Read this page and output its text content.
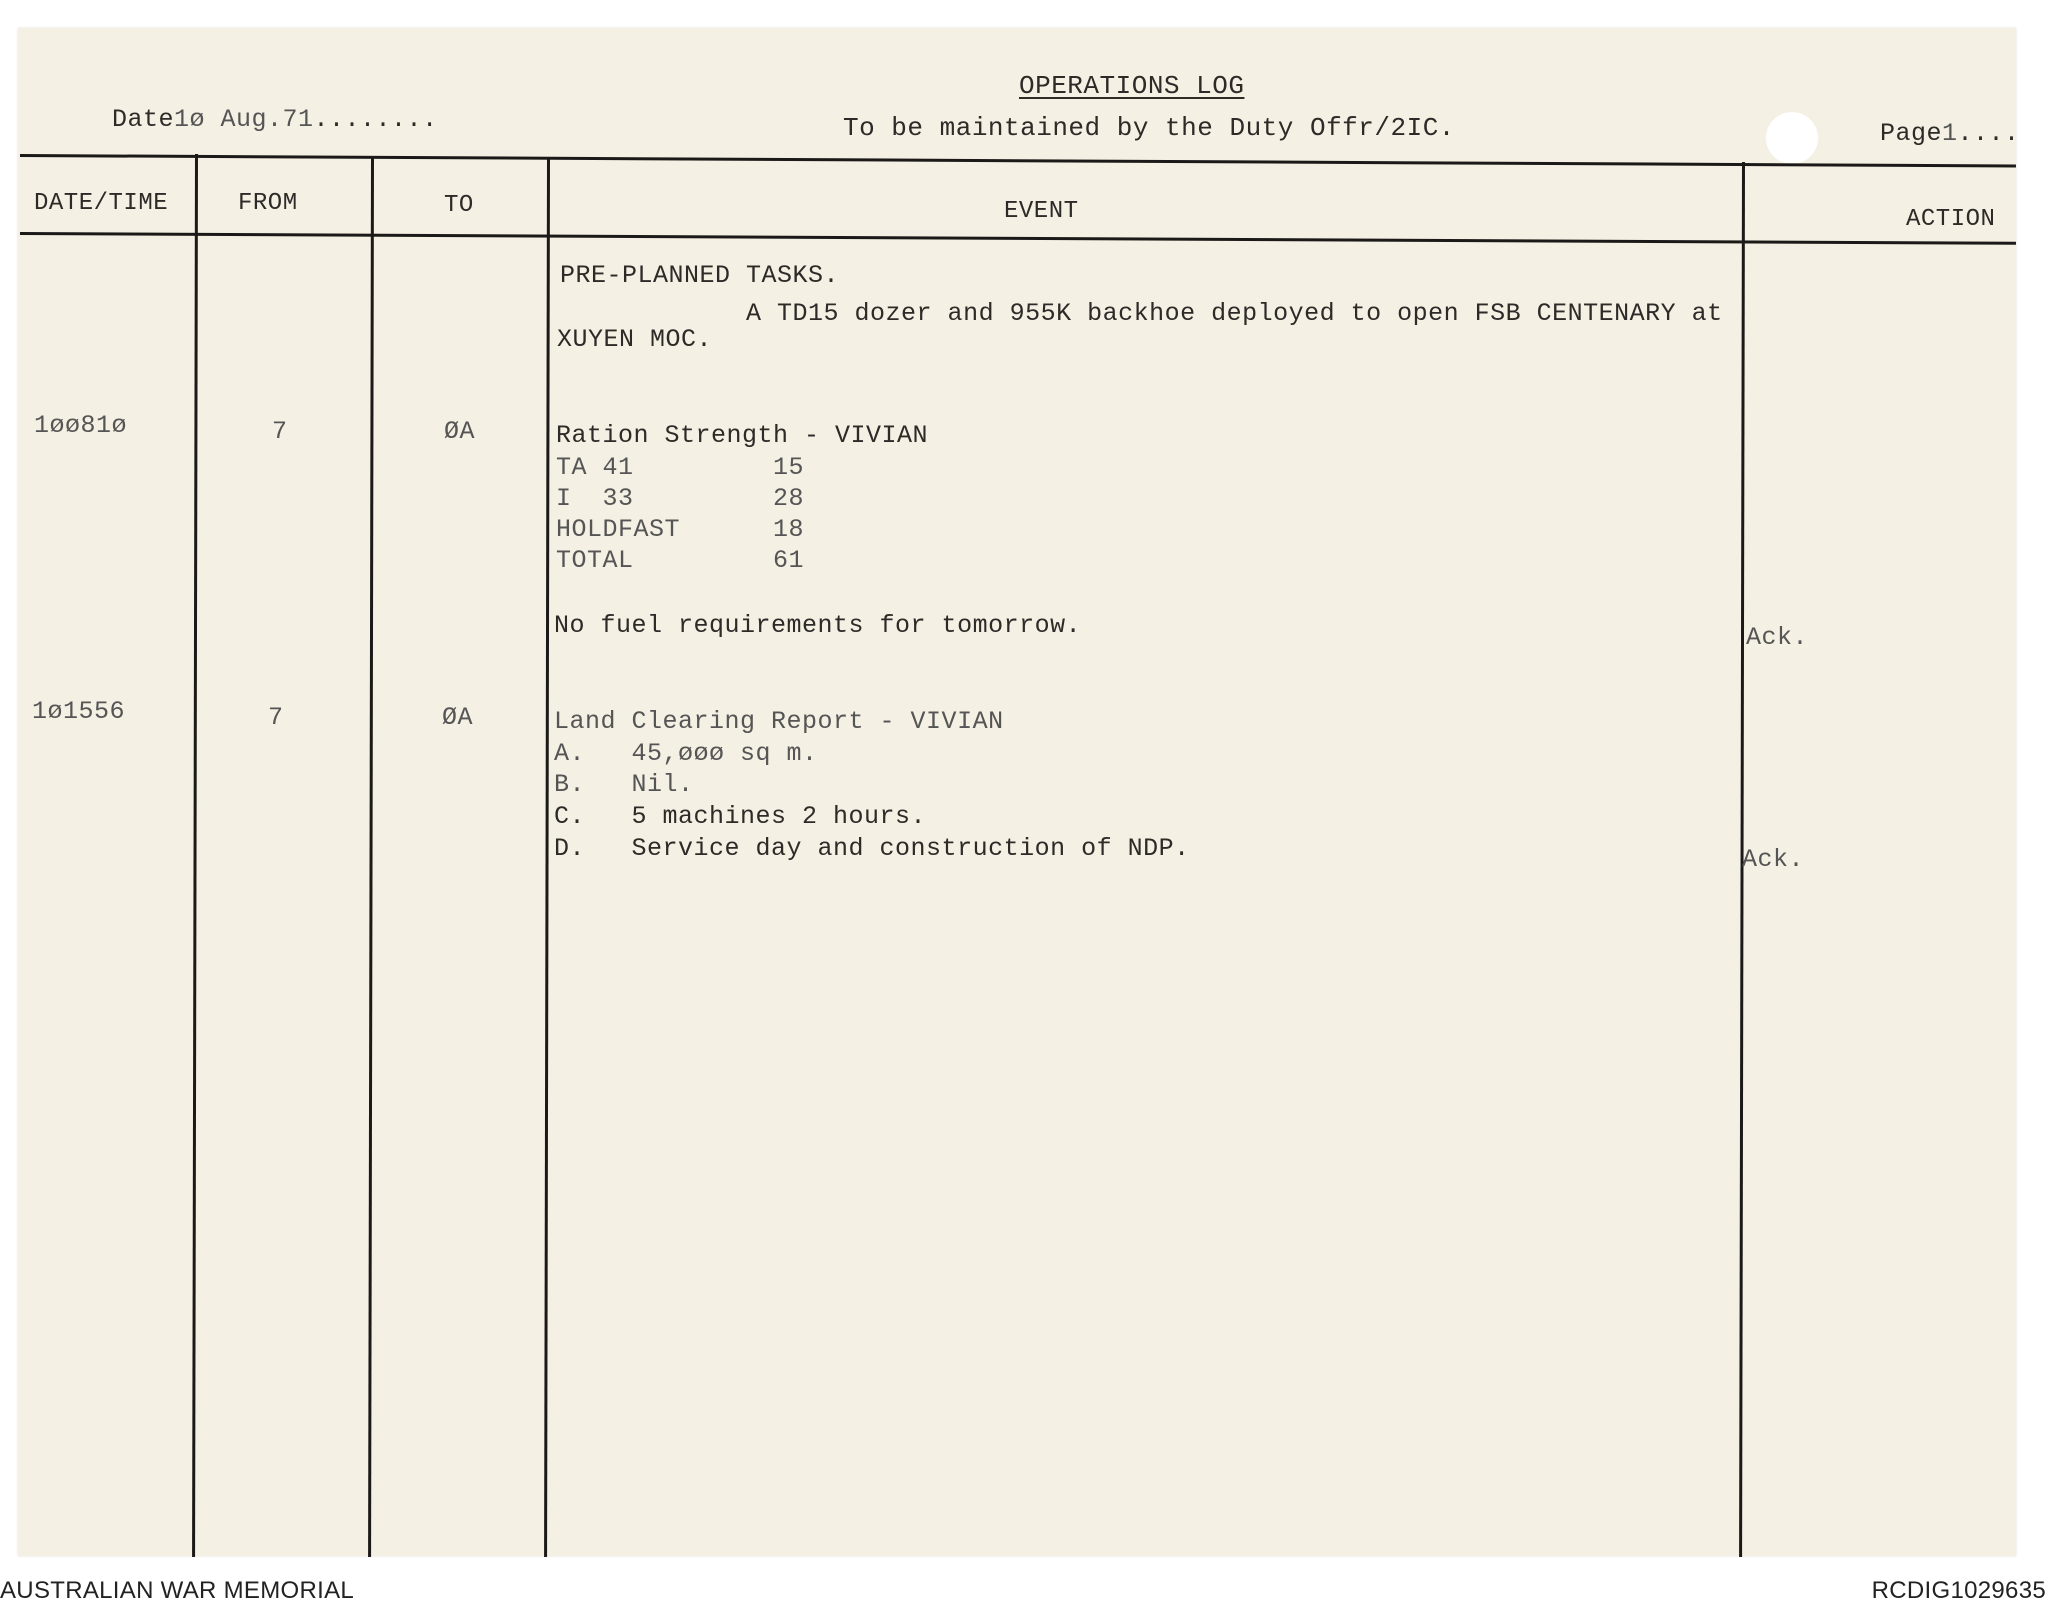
Date1ø Aug.71........
OPERATIONS LOG
To be maintained by the Duty Offr/2IC.	Page1....
DATE/TIME	FROM	TO	EVENT	ACTION
PRE-PLANNED TASKS.
A TD15 dozer and 955K backhoe deployed to open FSB CENTENARY at
XUYEN MOC.
1øø81ø	7	ØA	Ration Strength - VIVIAN
TA 41         15
I  33         28
HOLDFAST      18
TOTAL         61
No fuel requirements for tomorrow.	Ack.
1ø1556	7	ØA	Land Clearing Report - VIVIAN
A.   45,øøø sq m.
B.   Nil.
C.   5 machines 2 hours.
D.   Service day and construction of NDP.	Ack.
AUSTRALIAN WAR MEMORIAL	RCDIG1029635
